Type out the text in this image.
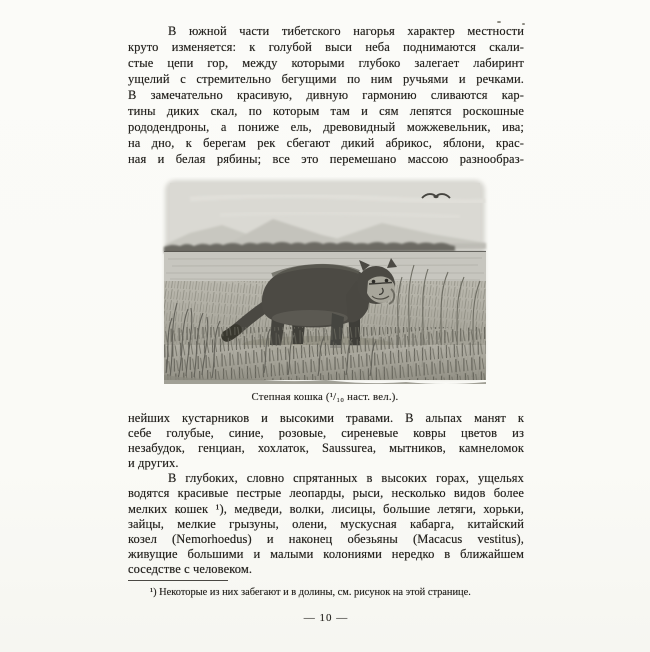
В южной части тибетского нагорья характер местности
круто изменяется: к голубой выси неба поднимаются скали-
стые цепи гор, между которыми глубоко залегает лабиринт
ущелий с стремительно бегущими по ним ручьями и речками.
В замечательно красивую, дивную гармонию сливаются кар-
тины диких скал, по которым там и сям лепятся роскошные
рододендроны, а пониже ель, древовидный можжевельник, ива;
на дно, к берегам рек сбегают дикий абрикос, яблони, крас-
ная и белая рябины; все это перемешано массою разнообраз-
Степная кошка (¹/₁₀ наст. вел.).
нейших кустарников и высокими травами. В альпах манят к
себе голубые, синие, розовые, сиреневые ковры цветов из
незабудок, генциан, хохлаток, Saussurea, мытников, камнеломок
и других.
В глубоких, словно спрятанных в высоких горах, ущельях
водятся красивые пестрые леопарды, рыси, несколько видов более
мелких кошек ¹), медведи, волки, лисицы, большие летяги, хорьки,
зайцы, мелкие грызуны, олени, мускусная кабарга, китайский
козел (Nemorhoedus) и наконец обезьяны (Macacus vestitus),
живущие большими и малыми колониями нередко в ближайшем
соседстве с человеком.
¹) Некоторые из них забегают и в долины, см. рисунок на этой странице.
— 10 —
